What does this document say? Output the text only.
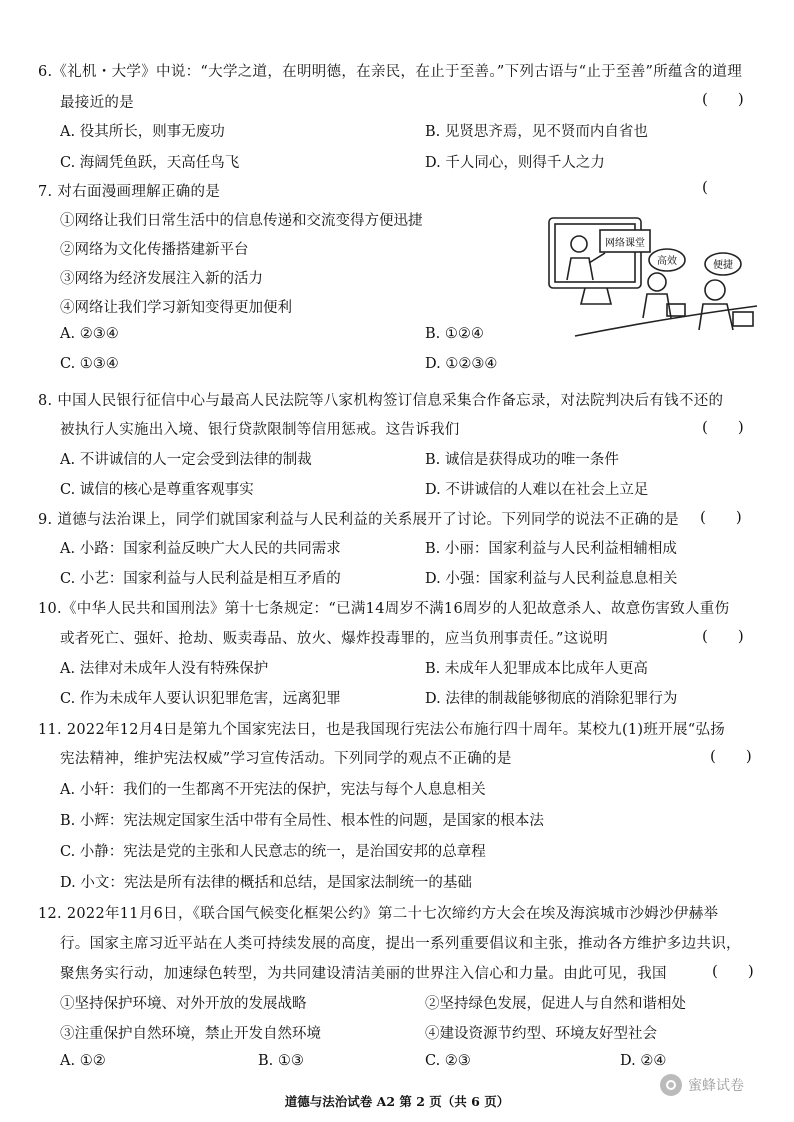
6.《礼机・大学》中说：“大学之道，在明明德，在亲民，在止于至善。”下列古语与“止于至善”所蕴含的道理
最接近的是	(　　)
A. 役其所长，则事无废功	B. 见贤思齐焉，见不贤而内自省也
C. 海阔凭鱼跃，天高任鸟飞	D. 千人同心，则得千人之力
7. 对右面漫画理解正确的是	(
①网络让我们日常生活中的信息传递和交流变得方便迅捷
②网络为文化传播搭建新平台
③网络为经济发展注入新的活力
④网络让我们学习新知变得更加便利
A. ②③④	B. ①②④
C. ①③④	D. ①②③④
网络课堂
高效	便捷
8. 中国人民银行征信中心与最高人民法院等八家机构签订信息采集合作备忘录，对法院判决后有钱不还的
被执行人实施出入境、银行贷款限制等信用惩戒。这告诉我们	(　　)
A. 不讲诚信的人一定会受到法律的制裁	B. 诚信是获得成功的唯一条件
C. 诚信的核心是尊重客观事实	D. 不讲诚信的人难以在社会上立足
9. 道德与法治课上，同学们就国家利益与人民利益的关系展开了讨论。下列同学的说法不正确的是 (　　)
A. 小路：国家利益反映广大人民的共同需求	B. 小丽：国家利益与人民利益相辅相成
C. 小艺：国家利益与人民利益是相互矛盾的	D. 小强：国家利益与人民利益息息相关
10.《中华人民共和国刑法》第十七条规定：“已满14周岁不满16周岁的人犯故意杀人、故意伤害致人重伤
或者死亡、强奸、抢劫、贩卖毒品、放火、爆炸投毒罪的，应当负刑事责任。”这说明	(　　)
A. 法律对未成年人没有特殊保护	B. 未成年人犯罪成本比成年人更高
C. 作为未成年人要认识犯罪危害，远离犯罪	D. 法律的制裁能够彻底的消除犯罪行为
11. 2022年12月4日是第九个国家宪法日，也是我国现行宪法公布施行四十周年。某校九(1)班开展“弘扬
宪法精神，维护宪法权威”学习宣传活动。下列同学的观点不正确的是	(　　)
A. 小轩：我们的一生都离不开宪法的保护，宪法与每个人息息相关
B. 小辉：宪法规定国家生活中带有全局性、根本性的问题，是国家的根本法
C. 小静：宪法是党的主张和人民意志的统一，是治国安邦的总章程
D. 小文：宪法是所有法律的概括和总结，是国家法制统一的基础
12. 2022年11月6日，《联合国气候变化框架公约》第二十七次缔约方大会在埃及海滨城市沙姆沙伊赫举
行。国家主席习近平站在人类可持续发展的高度，提出一系列重要倡议和主张，推动各方维护多边共识，
聚焦务实行动，加速绿色转型，为共同建设清洁美丽的世界注入信心和力量。由此可见，我国	(　　)
①坚持保护环境、对外开放的发展战略	②坚持绿色发展，促进人与自然和谐相处
③注重保护自然环境，禁止开发自然环境	④建设资源节约型、环境友好型社会
A. ①②	B. ①③	C. ②③	D. ②④
蜜蜂试卷
道德与法治试卷 A2 第 2 页（共 6 页）
